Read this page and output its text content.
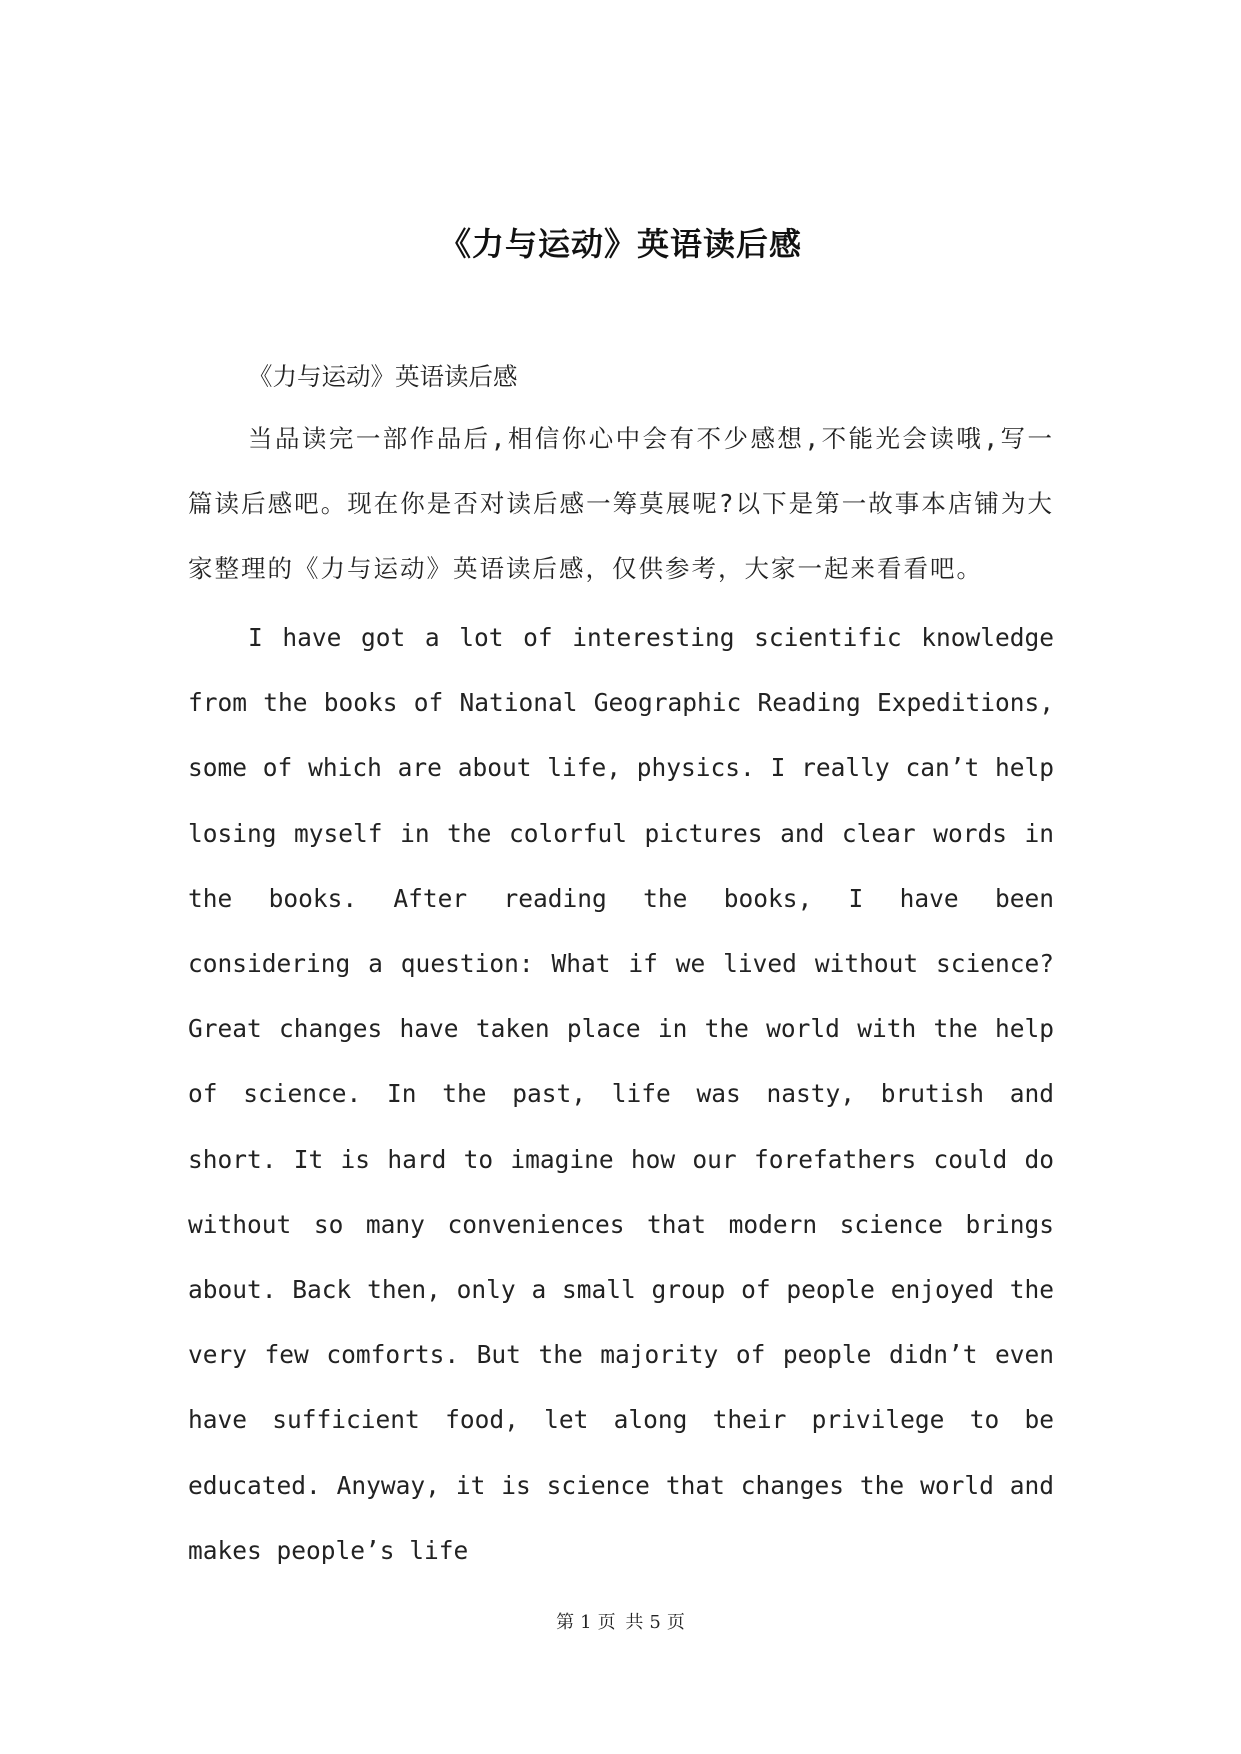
《力与运动》英语读后感

《力与运动》英语读后感

当品读完一部作品后,相信你心中会有不少感想,不能光会读哦,写一篇读后感吧。现在你是否对读后感一筹莫展呢?以下是第一故事本店铺为大家整理的《力与运动》英语读后感，仅供参考，大家一起来看看吧。

I have got a lot of interesting scientific knowledge from the books of National Geographic Reading Expeditions, some of which are about life, physics. I really can’t help losing myself in the colorful pictures and clear words in the books. After reading the books, I have been considering a question: What if we lived without science? Great changes have taken place in the world with the help of science. In the past, life was nasty, brutish and short. It is hard to imagine how our forefathers could do without so many conveniences that modern science brings about. Back then, only a small group of people enjoyed the very few comforts. But the majority of people didn’t even have sufficient food, let along their privilege to be educated. Anyway, it is science that changes the world and makes people’s life

第 1 页 共 5 页
